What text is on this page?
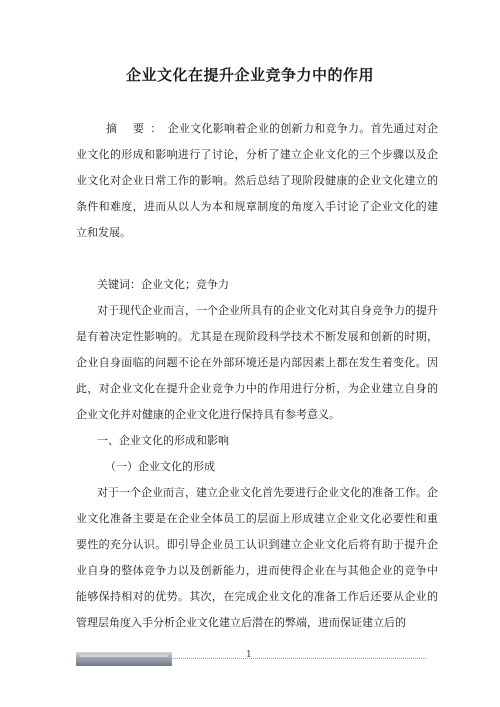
企业文化在提升企业竞争力中的作用
摘 要：企业文化影响着企业的创新力和竞争力。首先通过对企业文化的形成和影响进行了讨论，分析了建立企业文化的三个步骤以及企业文化对企业日常工作的影响。然后总结了现阶段健康的企业文化建立的条件和难度，进而从以人为本和规章制度的角度入手讨论了企业文化的建立和发展。
关键词：企业文化；竞争力
对于现代企业而言，一个企业所具有的企业文化对其自身竞争力的提升是有着决定性影响的。尤其是在现阶段科学技术不断发展和创新的时期，企业自身面临的问题不论在外部环境还是内部因素上都在发生着变化。因此，对企业文化在提升企业竞争力中的作用进行分析，为企业建立自身的企业文化并对健康的企业文化进行保持具有参考意义。
一、企业文化的形成和影响
（一）企业文化的形成
对于一个企业而言，建立企业文化首先要进行企业文化的准备工作。企业文化准备主要是在企业全体员工的层面上形成建立企业文化必要性和重要性的充分认识。即引导企业员工认识到建立企业文化后将有助于提升企业自身的整体竞争力以及创新能力，进而使得企业在与其他企业的竞争中能够保持相对的优势。其次，在完成企业文化的准备工作后还要从企业的管理层角度入手分析企业文化建立后潜在的弊端，进而保证建立后的
1
